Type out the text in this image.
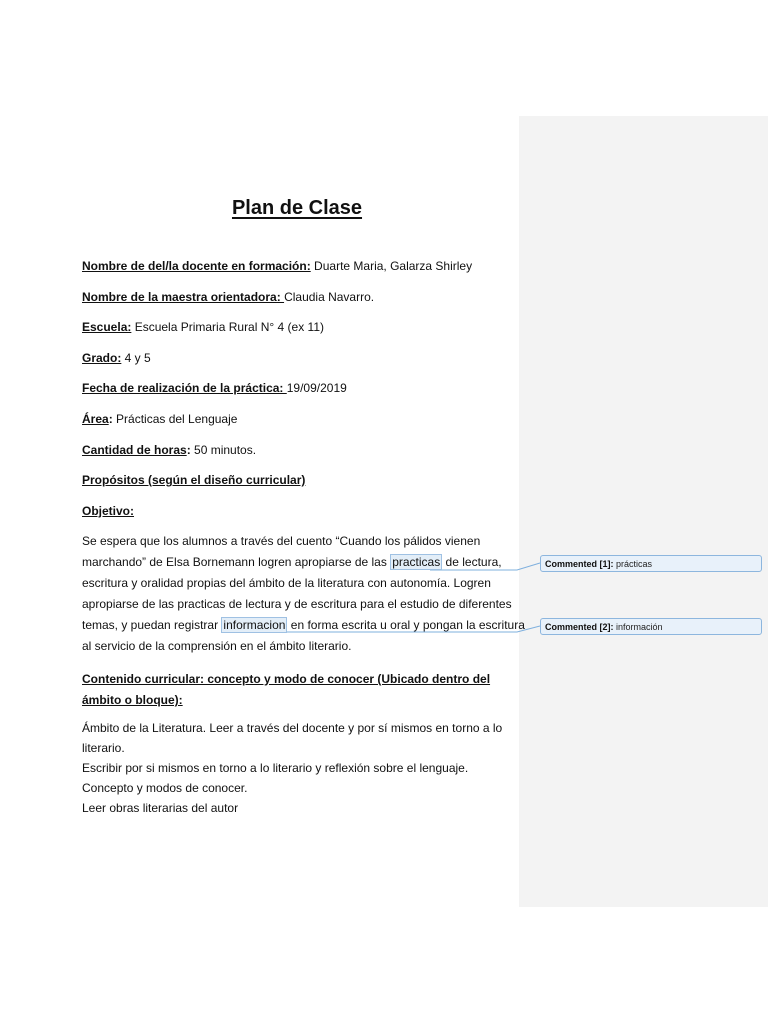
Plan de Clase
Nombre de del/la docente en formación: Duarte Maria, Galarza Shirley
Nombre de la maestra orientadora: Claudia Navarro.
Escuela: Escuela Primaria Rural N° 4 (ex 11)
Grado: 4 y 5
Fecha de realización de la práctica: 19/09/2019
Área: Prácticas del Lenguaje
Cantidad de horas: 50 minutos.
Propósitos (según el diseño curricular)
Objetivo:
Se espera que los alumnos a través del cuento “Cuando los pálidos vienen
marchando” de Elsa Bornemann logren apropiarse de las practicas de lectura,
escritura y oralidad propias del ámbito de la literatura con autonomía. Logren
apropiarse de las practicas de lectura y de escritura para el estudio de diferentes
temas, y puedan registrar informacion en forma escrita u oral y pongan la escritura
al servicio de la comprensión en el ámbito literario.
Contenido curricular: concepto y modo de conocer (Ubicado dentro del
ámbito o bloque):
Ámbito de la Literatura. Leer a través del docente y por sí mismos en torno a lo
literario.
Escribir por si mismos en torno a lo literario y reflexión sobre el lenguaje.
Concepto y modos de conocer.
Leer obras literarias del autor
Commented [1]: prácticas
Commented [2]: información
